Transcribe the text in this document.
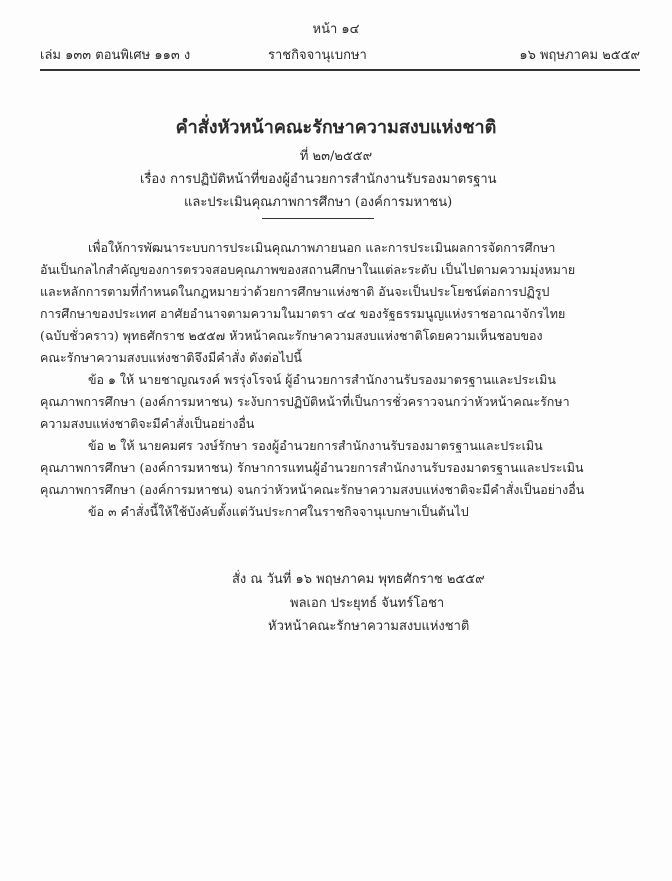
หน้า ๑๔
เล่ม ๑๓๓ ตอนพิเศษ ๑๑๓ ง	ราชกิจจานุเบกษา	๑๖ พฤษภาคม ๒๕๕๙
คำสั่งหัวหน้าคณะรักษาความสงบแห่งชาติ
ที่ ๒๓/๒๕๕๙
เรื่อง การปฏิบัติหน้าที่ของผู้อำนวยการสำนักงานรับรองมาตรฐาน
และประเมินคุณภาพการศึกษา (องค์การมหาชน)

เพื่อให้การพัฒนาระบบการประเมินคุณภาพภายนอก และการประเมินผลการจัดการศึกษา

อันเป็นกลไกสำคัญของการตรวจสอบคุณภาพของสถานศึกษาในแต่ละระดับ เป็นไปตามความมุ่งหมาย

และหลักการตามที่กำหนดในกฎหมายว่าด้วยการศึกษาแห่งชาติ อันจะเป็นประโยชน์ต่อการปฏิรูป

การศึกษาของประเทศ อาศัยอำนาจตามความในมาตรา ๔๔ ของรัฐธรรมนูญแห่งราชอาณาจักรไทย

(ฉบับชั่วคราว) พุทธศักราช ๒๕๕๗ หัวหน้าคณะรักษาความสงบแห่งชาติโดยความเห็นชอบของ

คณะรักษาความสงบแห่งชาติจึงมีคำสั่ง ดังต่อไปนี้

ข้อ ๑ ให้ นายชาญณรงค์ พรรุ่งโรจน์ ผู้อำนวยการสำนักงานรับรองมาตรฐานและประเมิน

คุณภาพการศึกษา (องค์การมหาชน) ระงับการปฏิบัติหน้าที่เป็นการชั่วคราวจนกว่าหัวหน้าคณะรักษา

ความสงบแห่งชาติจะมีคำสั่งเป็นอย่างอื่น

ข้อ ๒ ให้ นายคมศร วงษ์รักษา รองผู้อำนวยการสำนักงานรับรองมาตรฐานและประเมิน

คุณภาพการศึกษา (องค์การมหาชน) รักษาการแทนผู้อำนวยการสำนักงานรับรองมาตรฐานและประเมิน

คุณภาพการศึกษา (องค์การมหาชน) จนกว่าหัวหน้าคณะรักษาความสงบแห่งชาติจะมีคำสั่งเป็นอย่างอื่น

ข้อ ๓ คำสั่งนี้ให้ใช้บังคับตั้งแต่วันประกาศในราชกิจจานุเบกษาเป็นต้นไป

สั่ง ณ วันที่ ๑๖ พฤษภาคม พุทธศักราช ๒๕๕๙
พลเอก ประยุทธ์ จันทร์โอชา
หัวหน้าคณะรักษาความสงบแห่งชาติ
